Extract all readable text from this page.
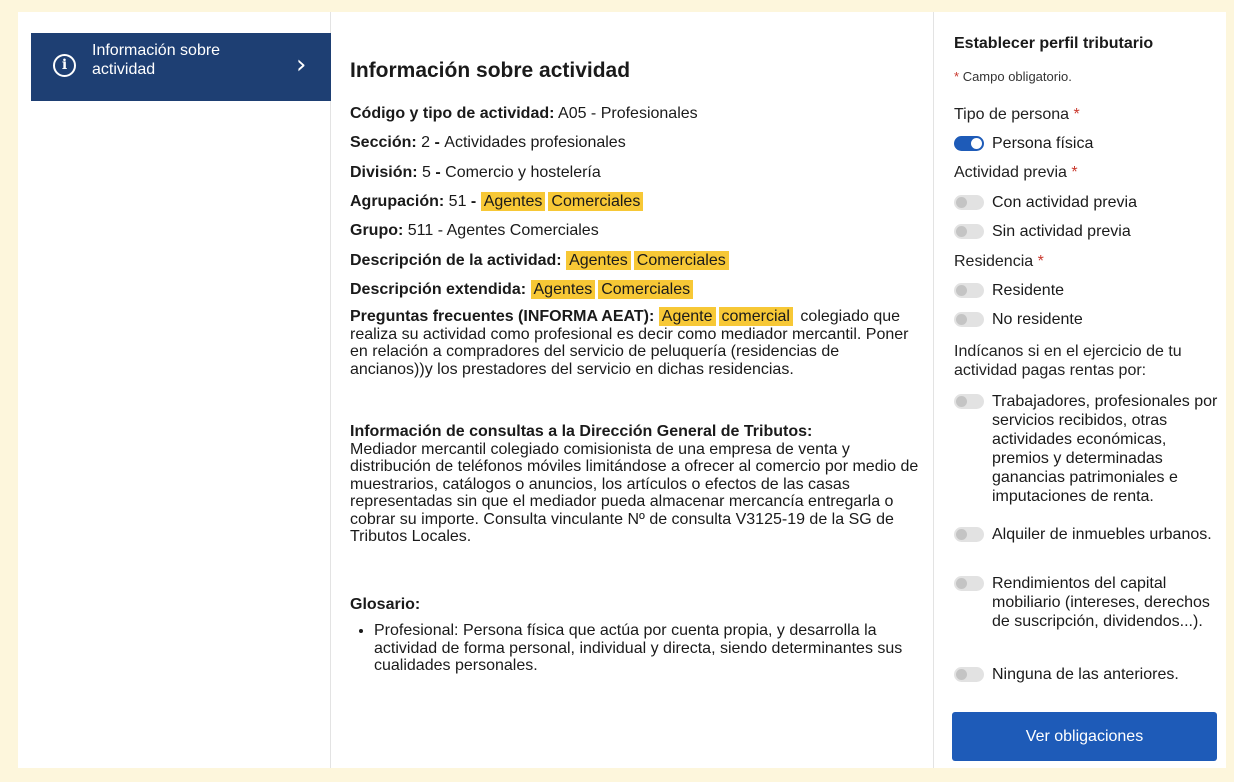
i
Información sobre actividad	› Información sobre actividad
Código y tipo de actividad: A05 - Profesionales
Sección: 2 - Actividades profesionales
División: 5 - Comercio y hostelería
Agrupación: 51 - Agentes Comerciales
Grupo: 511 - Agentes Comerciales
Descripción de la actividad: Agentes Comerciales
Descripción extendida: Agentes Comerciales
Preguntas frecuentes (INFORMA AEAT): Agente comercial colegiado que realiza su actividad como profesional es decir como mediador mercantil. Poner en relación a compradores del servicio de peluquería (residencias de ancianos))y los prestadores del servicio en dichas residencias.
Información de consultas a la Dirección General de Tributos:
Mediador mercantil colegiado comisionista de una empresa de venta y distribución de teléfonos móviles limitándose a ofrecer al comercio por medio de muestrarios, catálogos o anuncios, los artículos o efectos de las casas representadas sin que el mediador pueda almacenar mercancía entregarla o cobrar su importe. Consulta vinculante Nº de consulta V3125-19 de la SG de Tributos Locales.
Glosario:
• Profesional: Persona física que actúa por cuenta propia, y desarrolla la actividad de forma personal, individual y directa, siendo determinantes sus cualidades personales.
Establecer perfil tributario
* Campo obligatorio.
Tipo de persona *
Persona física
Actividad previa *
Con actividad previa
Sin actividad previa
Residencia *
Residente
No residente
Indícanos si en el ejercicio de tu actividad pagas rentas por:
Trabajadores, profesionales por servicios recibidos, otras actividades económicas, premios y determinadas ganancias patrimoniales e imputaciones de renta.
Alquiler de inmuebles urbanos.
Rendimientos del capital mobiliario (intereses, derechos de suscripción, dividendos...).
Ninguna de las anteriores.
Ver obligaciones
